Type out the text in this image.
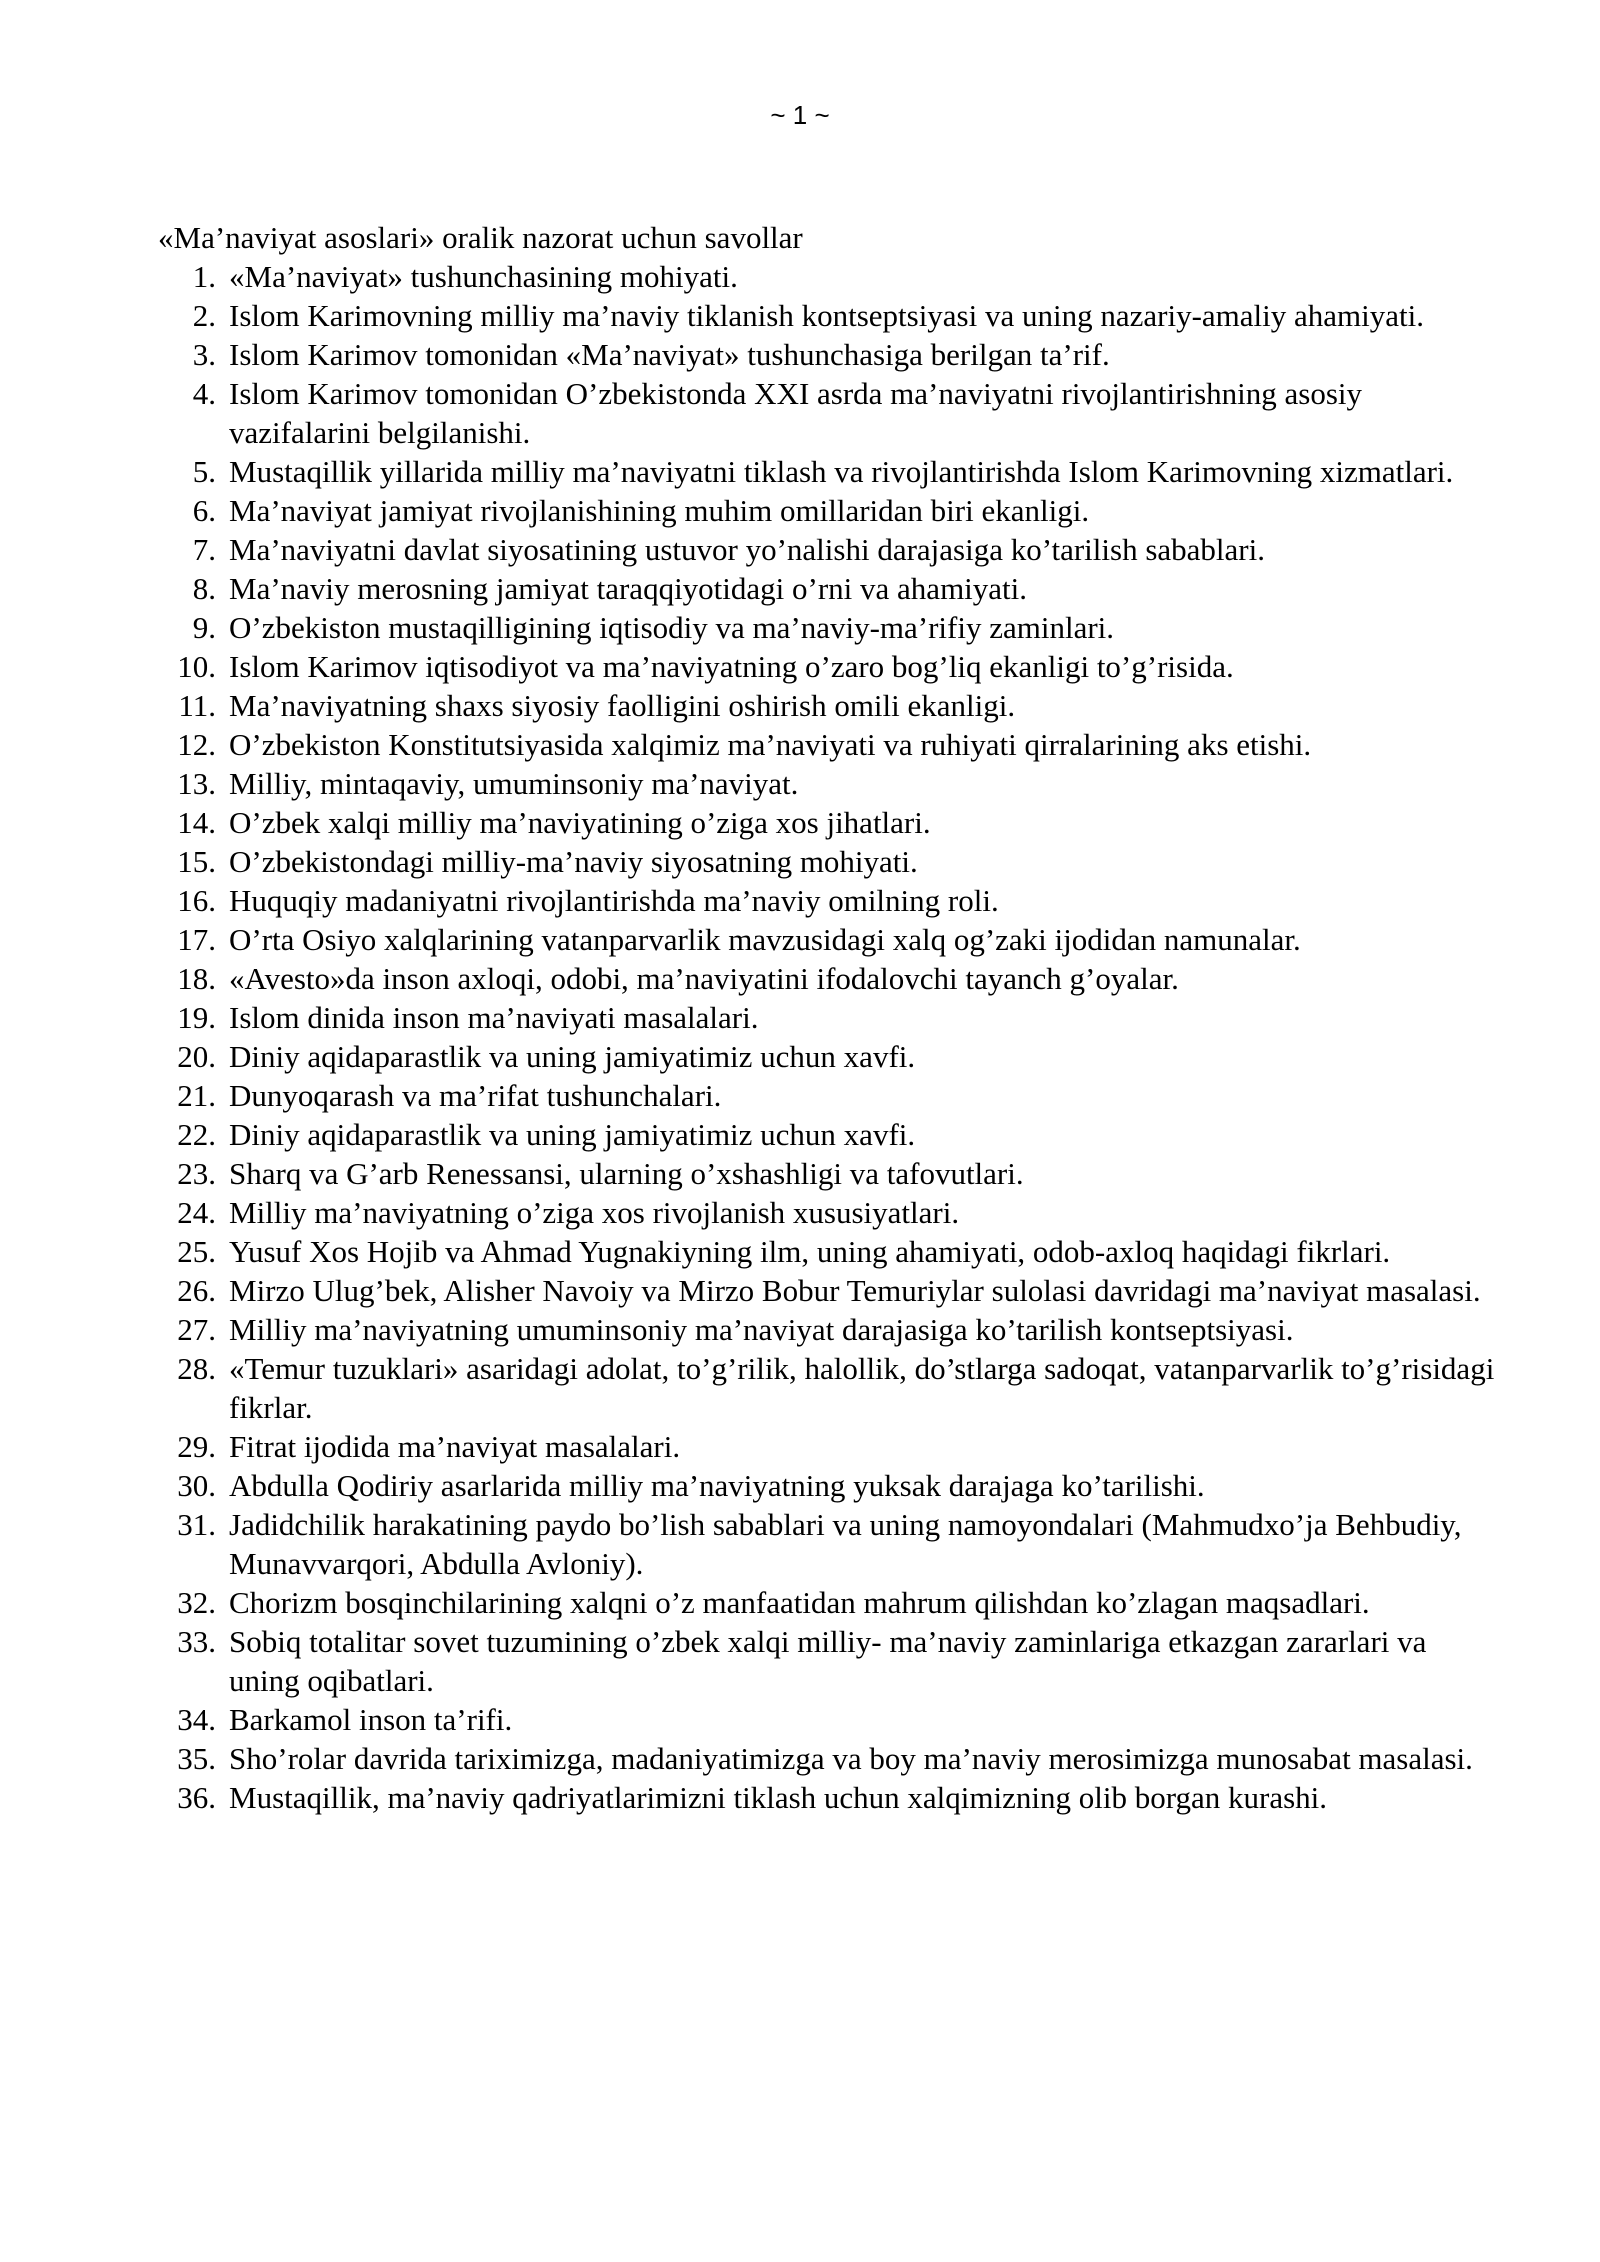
~ 1 ~
«Ma’naviyat asoslari» oralik nazorat uchun savollar
1. «Ma’naviyat» tushunchasining mohiyati.
2. Islom Karimovning milliy ma’naviy tiklanish kontseptsiyasi va uning nazariy-amaliy ahamiyati.
3. Islom Karimov tomonidan «Ma’naviyat» tushunchasiga berilgan ta’rif.
4. Islom Karimov tomonidan O’zbekistonda XXI asrda ma’naviyatni rivojlantirishning asosiy vazifalarini belgilanishi.
5. Mustaqillik yillarida milliy ma’naviyatni tiklash va rivojlantirishda Islom Karimovning xizmatlari.
6. Ma’naviyat jamiyat rivojlanishining muhim omillaridan biri ekanligi.
7. Ma’naviyatni davlat siyosatining ustuvor yo’nalishi darajasiga ko’tarilish sabablari.
8. Ma’naviy merosning jamiyat taraqqiyotidagi o’rni va ahamiyati.
9. O’zbekiston mustaqilligining iqtisodiy va ma’naviy-ma’rifiy zaminlari.
10. Islom Karimov iqtisodiyot va ma’naviyatning o’zaro bog’liq ekanligi to’g’risida.
11. Ma’naviyatning shaxs siyosiy faolligini oshirish omili ekanligi.
12. O’zbekiston Konstitutsiyasida xalqimiz ma’naviyati va ruhiyati qirralarining aks etishi.
13. Milliy, mintaqaviy, umuminsoniy ma’naviyat.
14. O’zbek xalqi milliy ma’naviyatining o’ziga xos jihatlari.
15. O’zbekistondagi milliy-ma’naviy siyosatning mohiyati.
16. Huquqiy madaniyatni rivojlantirishda ma’naviy omilning roli.
17. O’rta Osiyo xalqlarining vatanparvarlik mavzusidagi xalq og’zaki ijodidan namunalar.
18. «Avesto»da inson axloqi, odobi, ma’naviyatini ifodalovchi tayanch g’oyalar.
19. Islom dinida inson ma’naviyati masalalari.
20. Diniy aqidaparastlik va uning jamiyatimiz uchun xavfi.
21. Dunyoqarash va ma’rifat tushunchalari.
22. Diniy aqidaparastlik va uning jamiyatimiz uchun xavfi.
23. Sharq va G’arb Renessansi, ularning o’xshashligi va tafovutlari.
24. Milliy ma’naviyatning o’ziga xos rivojlanish xususiyatlari.
25. Yusuf Xos Hojib va Ahmad Yugnakiyning ilm, uning ahamiyati, odob-axloq haqidagi fikrlari.
26. Mirzo Ulug’bek, Alisher Navoiy va Mirzo Bobur Temuriylar sulolasi davridagi ma’naviyat masalasi.
27. Milliy ma’naviyatning umuminsoniy ma’naviyat darajasiga ko’tarilish kontseptsiyasi.
28. «Temur tuzuklari» asaridagi adolat, to’g’rilik, halollik, do’stlarga sadoqat, vatanparvarlik to’g’risidagi fikrlar.
29. Fitrat ijodida ma’naviyat masalalari.
30. Abdulla Qodiriy asarlarida milliy ma’naviyatning yuksak darajaga ko’tarilishi.
31. Jadidchilik harakatining paydo bo’lish sabablari va uning namoyondalari (Mahmudxo’ja Behbudiy, Munavvarqori, Abdulla Avloniy).
32. Chorizm bosqinchilarining xalqni o’z manfaatidan mahrum qilishdan ko’zlagan maqsadlari.
33. Sobiq totalitar sovet tuzumining o’zbek xalqi milliy- ma’naviy zaminlariga etkazgan zararlari va uning oqibatlari.
34. Barkamol inson ta’rifi.
35. Sho’rolar davrida tariximizga, madaniyatimizga va boy ma’naviy merosimizga munosabat masalasi.
36. Mustaqillik, ma’naviy qadriyatlarimizni tiklash uchun xalqimizning olib borgan kurashi.
